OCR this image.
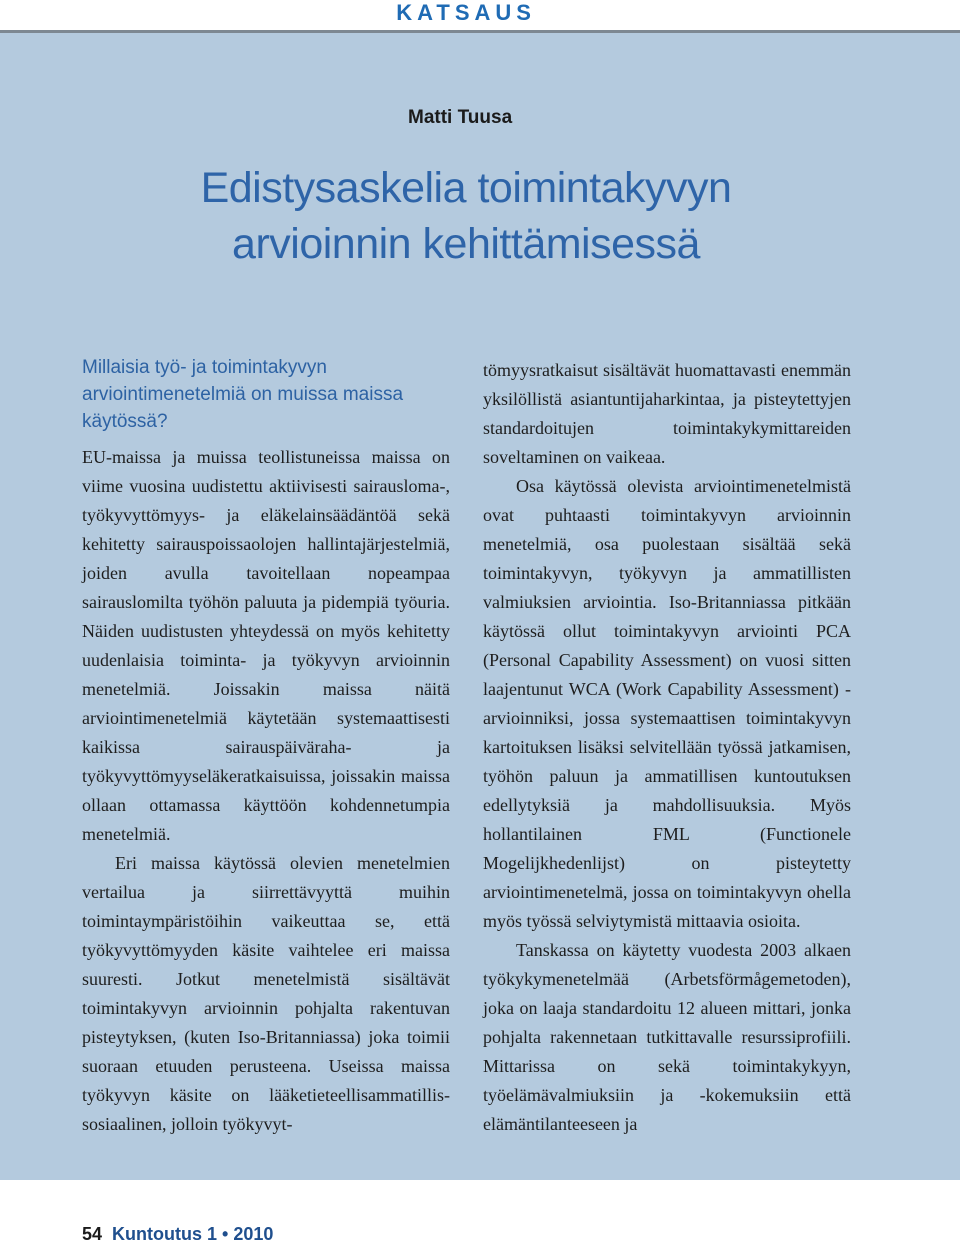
KATSAUS
Matti Tuusa
Edistysaskelia toimintakyvyn arvioinnin kehittämisessä
Millaisia työ- ja toimintakyvyn arviointimenetelmiä on muissa maissa käytössä?

EU-maissa ja muissa teollistuneissa maissa on viime vuosina uudistettu aktiivisesti sairausloma-, työkyvyttömyys- ja eläkelainsäädäntöä sekä kehitetty sairauspoissaolojen hallintajärjestelmiä, joiden avulla tavoitellaan nopeampaa sairauslomilta työhön paluuta ja pidempiä työuria. Näiden uudistusten yhteydessä on myös kehitetty uudenlaisia toiminta- ja työkyvyn arvioinnin menetelmiä. Joissakin maissa näitä arviointimenetelmiä käytetään systemaattisesti kaikissa sairauspäiväraha- ja työkyvyttömyyseläkeratkaisuissa, joissakin maissa ollaan ottamassa käyttöön kohdennetumpia menetelmiä.

Eri maissa käytössä olevien menetelmien vertailua ja siirrettävyyttä muihin toimintaympäristöihin vaikeuttaa se, että työkyvyttömyyden käsite vaihtelee eri maissa suuresti. Jotkut menetelmistä sisältävät toimintakyvyn arvioinnin pohjalta rakentuvan pisteytyksen, (kuten Iso-Britanniassa) joka toimii suoraan etuuden perusteena. Useissa maissa työkyvyn käsite on lääketieteellisammatillis-sosiaalinen, jolloin työkyvyt-

tömyysratkaisut sisältävät huomattavasti enemmän yksilöllistä asiantuntijaharkintaa, ja pisteytettyjen standardoitujen toimintakykymittareiden soveltaminen on vaikeaa.

Osa käytössä olevista arviointimenetelmistä ovat puhtaasti toimintakyvyn arvioinnin menetelmiä, osa puolestaan sisältää sekä toimintakyvyn, työkyvyn ja ammatillisten valmiuksien arviointia. Iso-Britanniassa pitkään käytössä ollut toimintakyvyn arviointi PCA (Personal Capability Assessment) on vuosi sitten laajentunut WCA (Work Capability Assessment) -arvioinniksi, jossa systemaattisen toimintakyvyn kartoituksen lisäksi selvitellään työssä jatkamisen, työhön paluun ja ammatillisen kuntoutuksen edellytyksiä ja mahdollisuuksia. Myös hollantilainen FML (Functionele Mogelijkhedenlijst) on pisteytetty arviointimenetelmä, jossa on toimintakyvyn ohella myös työssä selviytymistä mittaavia osioita.

Tanskassa on käytetty vuodesta 2003 alkaen työkykymenetelmää (Arbetsförmågemetoden), joka on laaja standardoitu 12 alueen mittari, jonka pohjalta rakennetaan tutkittavalle resurssiprofiili. Mittarissa on sekä toimintakykyyn, työelämävalmiuksiin ja -kokemuksiin että elämäntilanteeseen ja

54 Kuntoutus 1 • 2010
